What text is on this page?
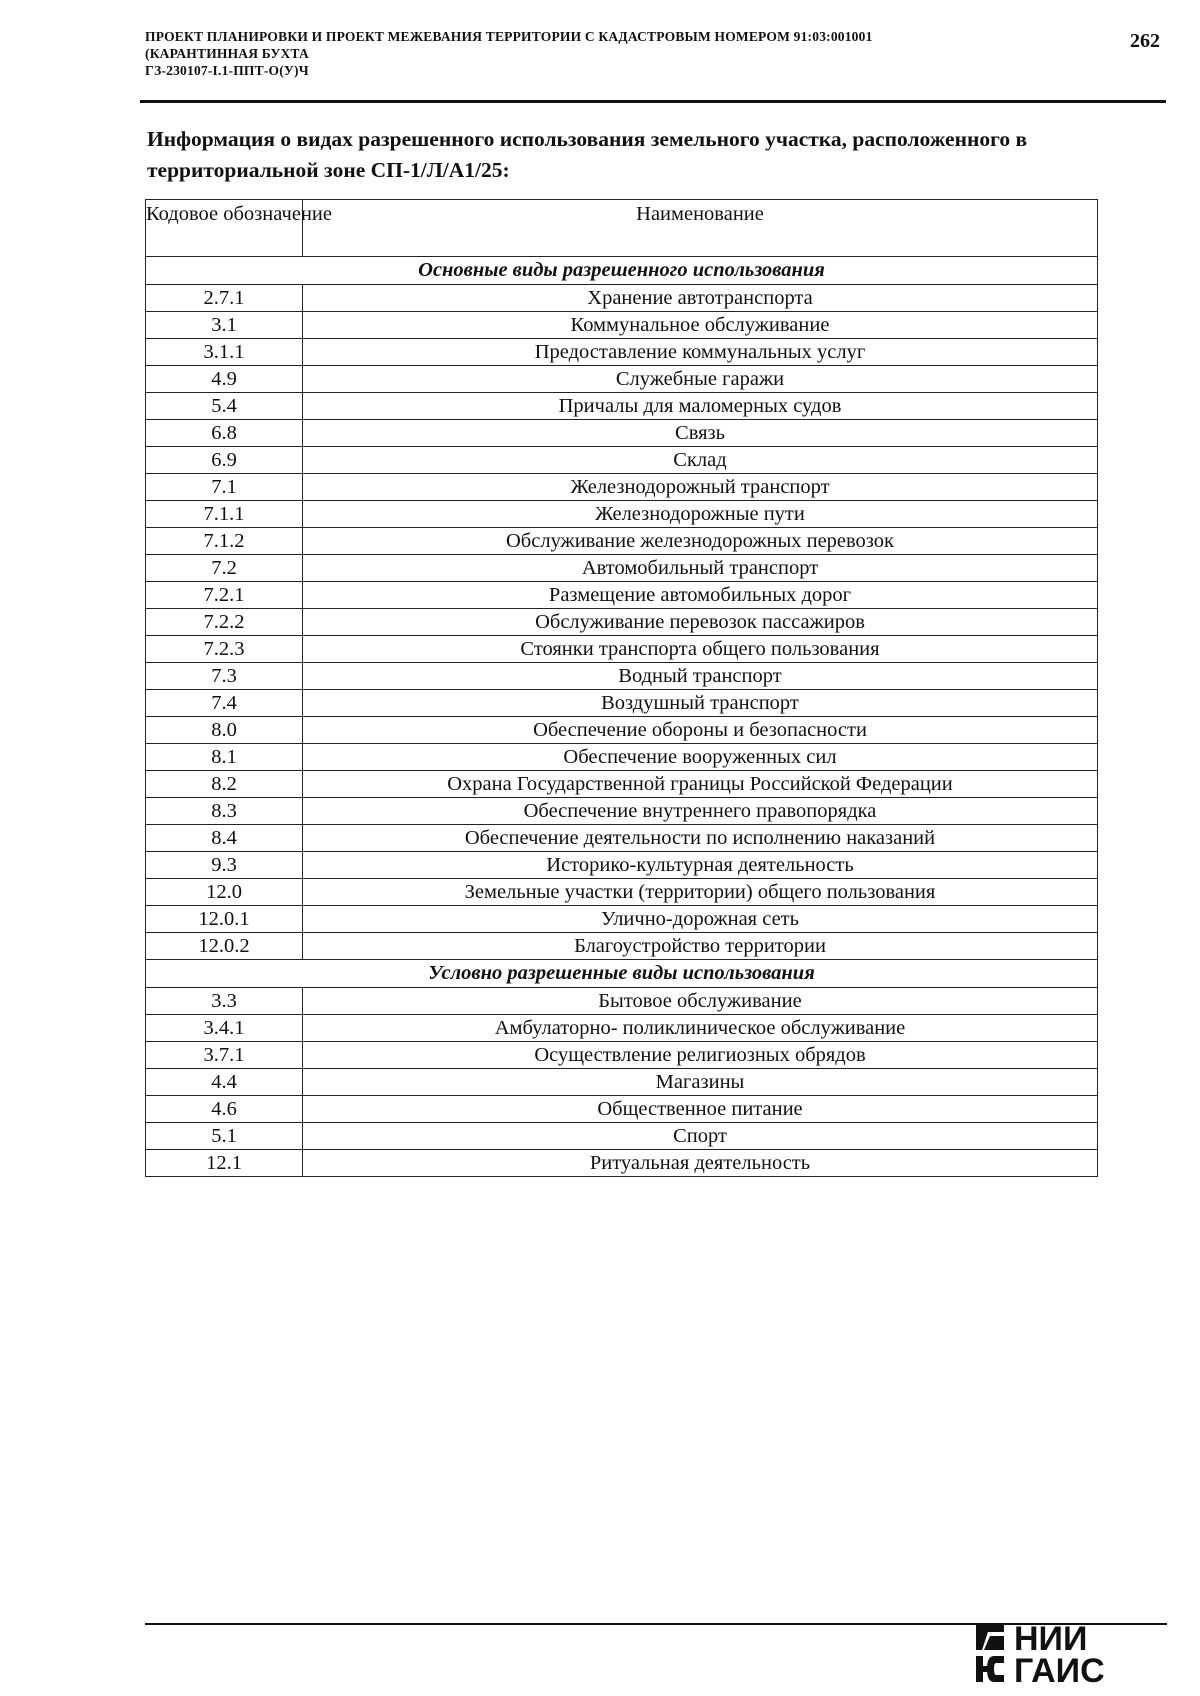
ПРОЕКТ ПЛАНИРОВКИ И ПРОЕКТ МЕЖЕВАНИЯ ТЕРРИТОРИИ С КАДАСТРОВЫМ НОМЕРОМ 91:03:001001
(КАРАНТИННАЯ БУХТА
ГЗ-230107-I.1-ППТ-О(У)Ч
262
Информация о видах разрешенного использования земельного участка, расположенного в территориальной зоне СП-1/Л/А1/25:
Кодовое обозначение	Наименование
Основные виды разрешенного использования	
2.7.1	Хранение автотранспорта
3.1	Коммунальное обслуживание
3.1.1	Предоставление коммунальных услуг
4.9	Служебные гаражи
5.4	Причалы для маломерных судов
6.8	Связь
6.9	Склад
7.1	Железнодорожный транспорт
7.1.1	Железнодорожные пути
7.1.2	Обслуживание железнодорожных перевозок
7.2	Автомобильный транспорт
7.2.1	Размещение автомобильных дорог
7.2.2	Обслуживание перевозок пассажиров
7.2.3	Стоянки транспорта общего пользования
7.3	Водный транспорт
7.4	Воздушный транспорт
8.0	Обеспечение обороны и безопасности
8.1	Обеспечение вооруженных сил
8.2	Охрана Государственной границы Российской Федерации
8.3	Обеспечение внутреннего правопорядка
8.4	Обеспечение деятельности по исполнению наказаний
9.3	Историко-культурная деятельность
12.0	Земельные участки (территории) общего пользования
12.0.1	Улично-дорожная сеть
12.0.2	Благоустройство территории
Условно разрешенные виды использования	
3.3	Бытовое обслуживание
3.4.1	Амбулаторно- поликлиническое обслуживание
3.7.1	Осуществление религиозных обрядов
4.4	Магазины
4.6	Общественное питание
5.1	Спорт
12.1	Ритуальная деятельность
НИИ
ГАИС
